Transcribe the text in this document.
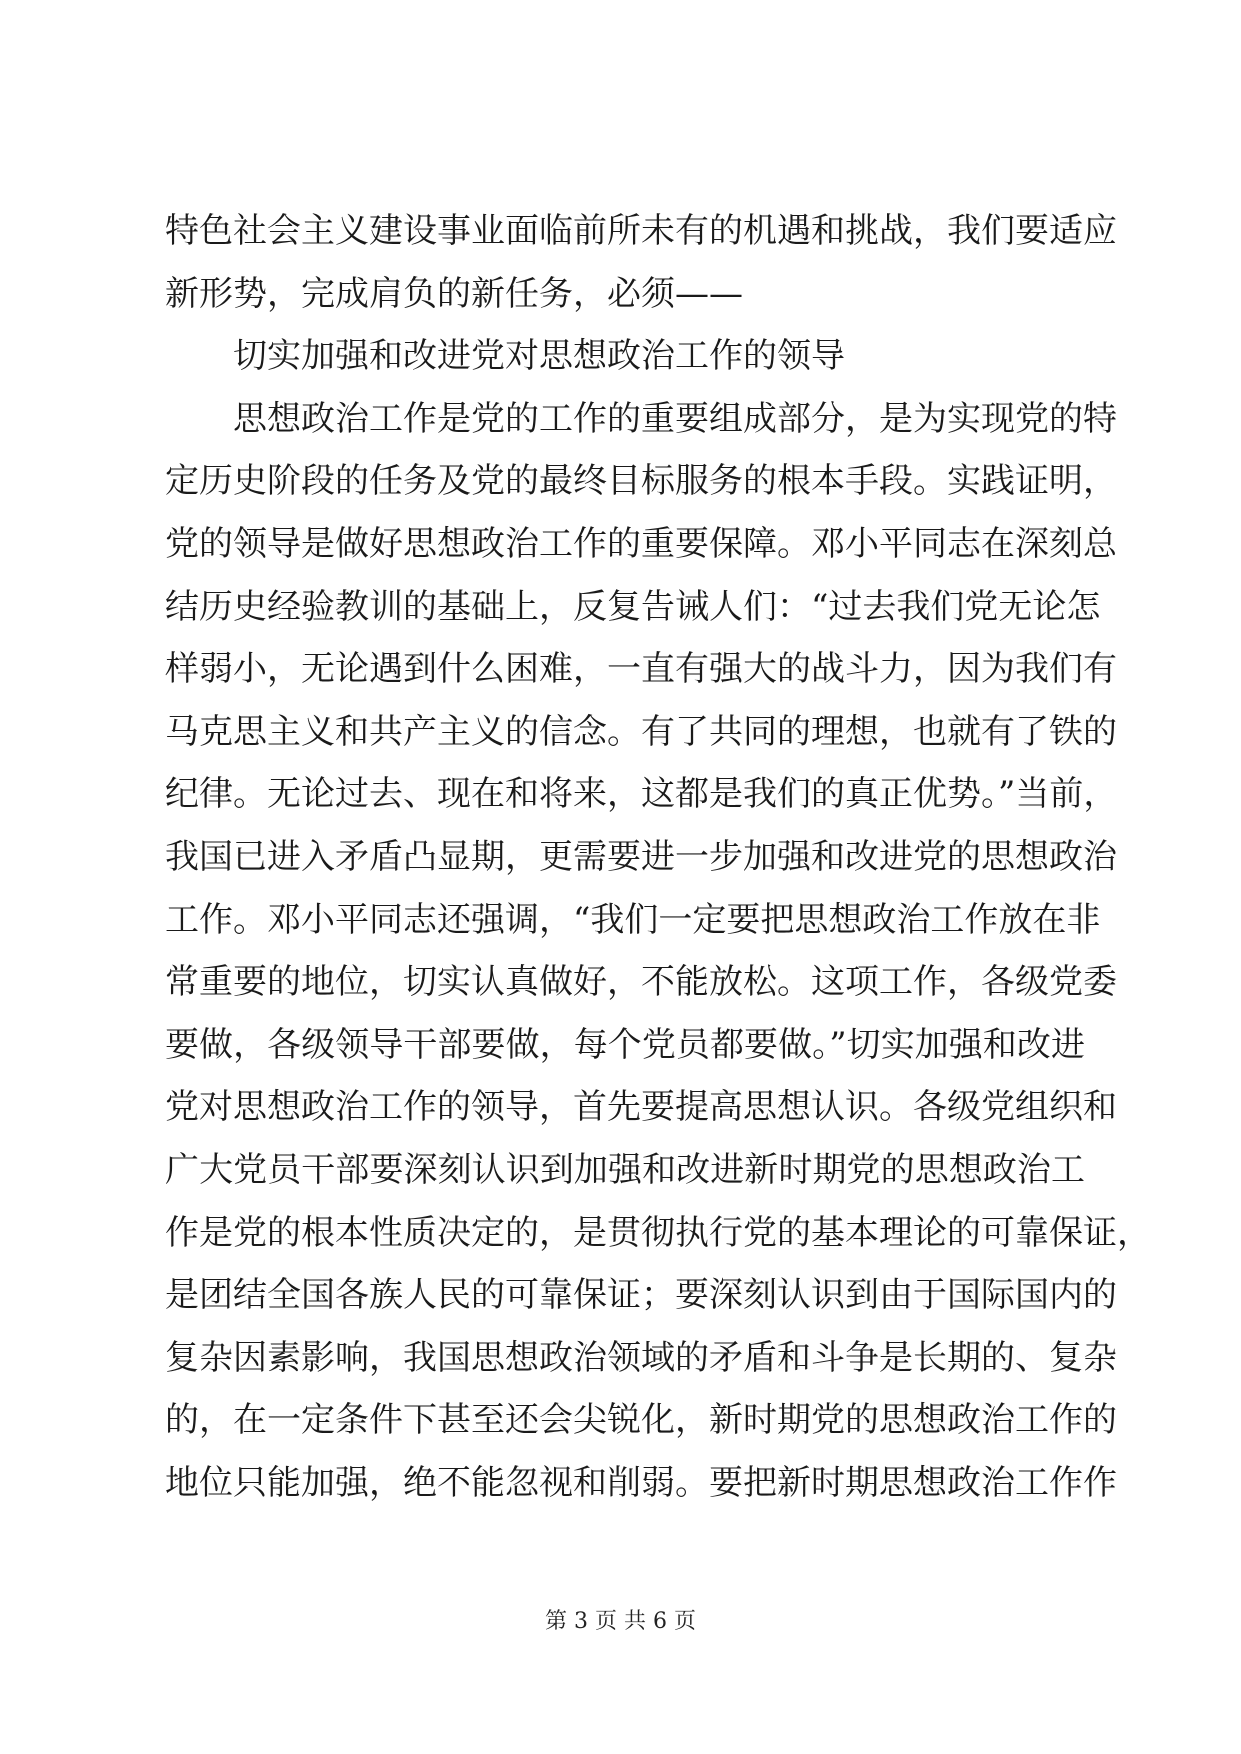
特色社会主义建设事业面临前所未有的机遇和挑战，我们要适应
新形势，完成肩负的新任务，必须——
切实加强和改进党对思想政治工作的领导
思想政治工作是党的工作的重要组成部分，是为实现党的特
定历史阶段的任务及党的最终目标服务的根本手段。实践证明，
党的领导是做好思想政治工作的重要保障。邓小平同志在深刻总
结历史经验教训的基础上，反复告诫人们：“过去我们党无论怎
样弱小，无论遇到什么困难，一直有强大的战斗力，因为我们有
马克思主义和共产主义的信念。有了共同的理想，也就有了铁的
纪律。无论过去、现在和将来，这都是我们的真正优势。”当前，
我国已进入矛盾凸显期，更需要进一步加强和改进党的思想政治
工作。邓小平同志还强调，“我们一定要把思想政治工作放在非
常重要的地位，切实认真做好，不能放松。这项工作，各级党委
要做，各级领导干部要做，每个党员都要做。”切实加强和改进
党对思想政治工作的领导，首先要提高思想认识。各级党组织和
广大党员干部要深刻认识到加强和改进新时期党的思想政治工
作是党的根本性质决定的，是贯彻执行党的基本理论的可靠保证，
是团结全国各族人民的可靠保证；要深刻认识到由于国际国内的
复杂因素影响，我国思想政治领域的矛盾和斗争是长期的、复杂
的，在一定条件下甚至还会尖锐化，新时期党的思想政治工作的
地位只能加强，绝不能忽视和削弱。要把新时期思想政治工作作
第 3 页 共 6 页
